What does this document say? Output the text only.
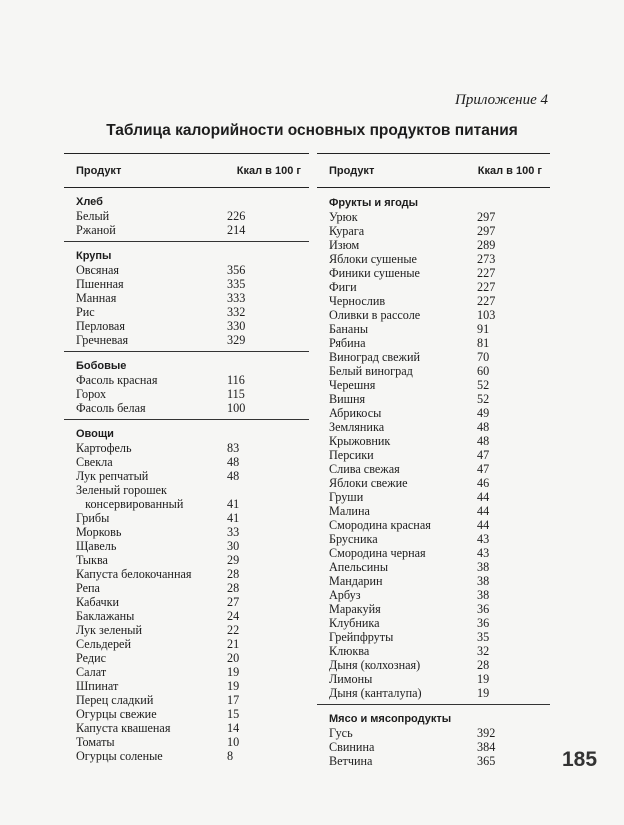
Приложение 4
Таблица калорийности основных продуктов питания
Продукт	Ккал в 100 г
Хлеб
Белый	226
Ржаной	214
Крупы
Овсяная	356
Пшенная	335
Манная	333
Рис	332
Перловая	330
Гречневая	329
Бобовые
Фасоль красная	116
Горох	115
Фасоль белая	100
Овощи
Картофель	83
Свекла	48
Лук репчатый	48
Зеленый горошек
консервированный	41
Грибы	41
Морковь	33
Щавель	30
Тыква	29
Капуста белокочанная	28
Репа	28
Кабачки	27
Баклажаны	24
Лук зеленый	22
Сельдерей	21
Редис	20
Салат	19
Шпинат	19
Перец сладкий	17
Огурцы свежие	15
Капуста квашеная	14
Томаты	10
Огурцы соленые	8
Продукт	Ккал в 100 г
Фрукты и ягоды
Урюк	297
Курага	297
Изюм	289
Яблоки сушеные	273
Финики сушеные	227
Фиги	227
Чернослив	227
Оливки в рассоле	103
Бананы	91
Рябина	81
Виноград свежий	70
Белый виноград	60
Черешня	52
Вишня	52
Абрикосы	49
Земляника	48
Крыжовник	48
Персики	47
Слива свежая	47
Яблоки свежие	46
Груши	44
Малина	44
Смородина красная	44
Брусника	43
Смородина черная	43
Апельсины	38
Мандарин	38
Арбуз	38
Маракуйя	36
Клубника	36
Грейпфруты	35
Клюква	32
Дыня (колхозная)	28
Лимоны	19
Дыня (канталупа)	19
Мясо и мясопродукты
Гусь	392
Свинина	384
Ветчина	365	185
